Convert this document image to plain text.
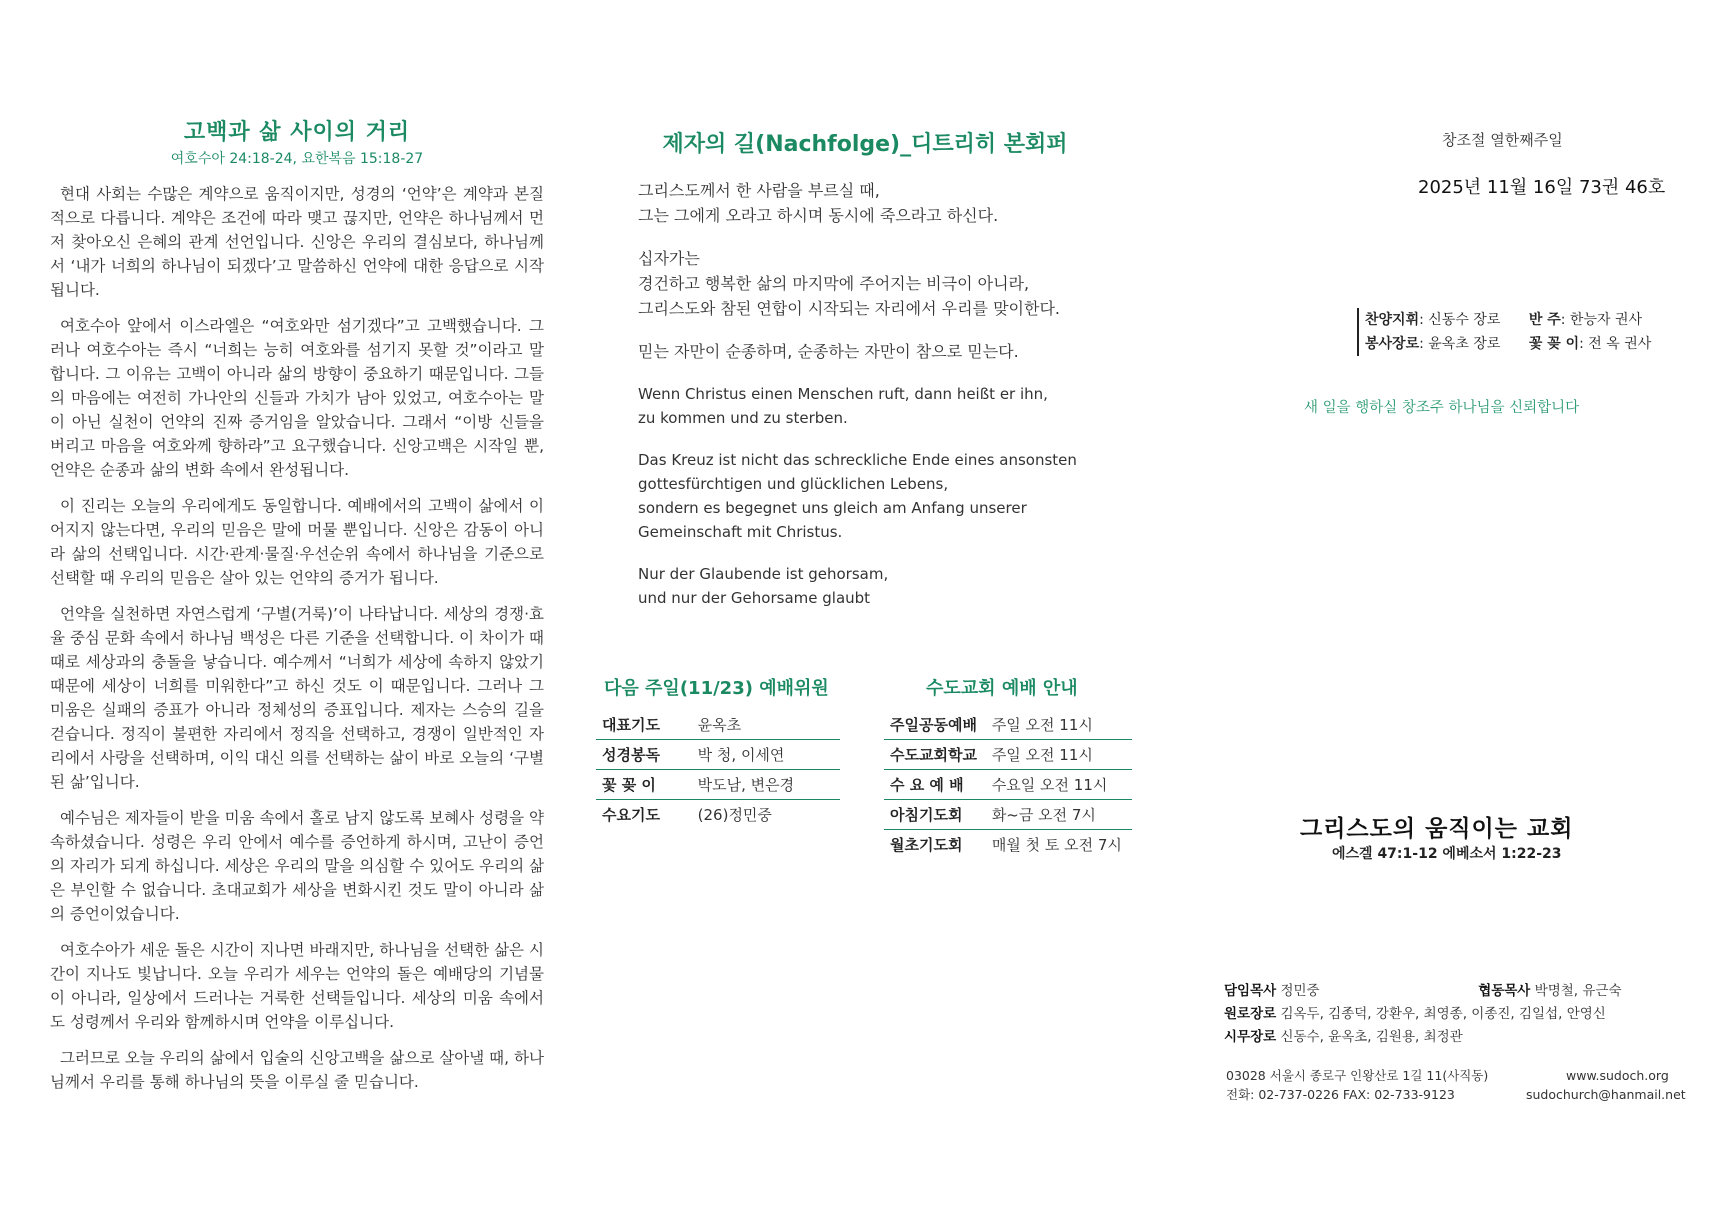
고백과 삶 사이의 거리
여호수아 24:18-24, 요한복음 15:18-27

현대 사회는 수많은 계약으로 움직이지만, 성경의 ‘언약’은 계약과 본질적으로 다릅니다. 계약은 조건에 따라 맺고 끊지만, 언약은 하나님께서 먼저 찾아오신 은혜의 관계 선언입니다. 신앙은 우리의 결심보다, 하나님께서 ‘내가 너희의 하나님이 되겠다’고 말씀하신 언약에 대한 응답으로 시작됩니다.

여호수아 앞에서 이스라엘은 “여호와만 섬기겠다”고 고백했습니다. 그러나 여호수아는 즉시 “너희는 능히 여호와를 섬기지 못할 것”이라고 말합니다. 그 이유는 고백이 아니라 삶의 방향이 중요하기 때문입니다. 그들의 마음에는 여전히 가나안의 신들과 가치가 남아 있었고, 여호수아는 말이 아닌 실천이 언약의 진짜 증거임을 알았습니다. 그래서 “이방 신들을 버리고 마음을 여호와께 향하라”고 요구했습니다. 신앙고백은 시작일 뿐, 언약은 순종과 삶의 변화 속에서 완성됩니다.

이 진리는 오늘의 우리에게도 동일합니다. 예배에서의 고백이 삶에서 이어지지 않는다면, 우리의 믿음은 말에 머물 뿐입니다. 신앙은 감동이 아니라 삶의 선택입니다. 시간·관계·물질·우선순위 속에서 하나님을 기준으로 선택할 때 우리의 믿음은 살아 있는 언약의 증거가 됩니다.

언약을 실천하면 자연스럽게 ‘구별(거룩)’이 나타납니다. 세상의 경쟁·효율 중심 문화 속에서 하나님 백성은 다른 기준을 선택합니다. 이 차이가 때때로 세상과의 충돌을 낳습니다. 예수께서 “너희가 세상에 속하지 않았기 때문에 세상이 너희를 미워한다”고 하신 것도 이 때문입니다. 그러나 그 미움은 실패의 증표가 아니라 정체성의 증표입니다. 제자는 스승의 길을 걷습니다. 정직이 불편한 자리에서 정직을 선택하고, 경쟁이 일반적인 자리에서 사랑을 선택하며, 이익 대신 의를 선택하는 삶이 바로 오늘의 ‘구별된 삶’입니다.

예수님은 제자들이 받을 미움 속에서 홀로 남지 않도록 보혜사 성령을 약속하셨습니다. 성령은 우리 안에서 예수를 증언하게 하시며, 고난이 증언의 자리가 되게 하십니다. 세상은 우리의 말을 의심할 수 있어도 우리의 삶은 부인할 수 없습니다. 초대교회가 세상을 변화시킨 것도 말이 아니라 삶의 증언이었습니다.

여호수아가 세운 돌은 시간이 지나면 바래지만, 하나님을 선택한 삶은 시간이 지나도 빛납니다. 오늘 우리가 세우는 언약의 돌은 예배당의 기념물이 아니라, 일상에서 드러나는 거룩한 선택들입니다. 세상의 미움 속에서도 성령께서 우리와 함께하시며 언약을 이루십니다.

그러므로 오늘 우리의 삶에서 입술의 신앙고백을 삶으로 살아낼 때, 하나님께서 우리를 통해 하나님의 뜻을 이루실 줄 믿습니다.

제자의 길(Nachfolge)_디트리히 본회퍼
그리스도께서 한 사람을 부르실 때,
그는 그에게 오라고 하시며 동시에 죽으라고 하신다.
십자가는
경건하고 행복한 삶의 마지막에 주어지는 비극이 아니라,
그리스도와 참된 연합이 시작되는 자리에서 우리를 맞이한다.
믿는 자만이 순종하며, 순종하는 자만이 참으로 믿는다.
Wenn Christus einen Menschen ruft, dann heißt er ihn,
zu kommen und zu sterben.
Das Kreuz ist nicht das schreckliche Ende eines ansonsten
gottesfürchtigen und glücklichen Lebens,
sondern es begegnet uns gleich am Anfang unserer
Gemeinschaft mit Christus.
Nur der Glaubende ist gehorsam,
und nur der Gehorsame glaubt
다음 주일(11/23) 예배위원
대표기도	윤옥초
성경봉독	박 청, 이세연
꽃 꽂 이	박도남, 변은경
수요기도	(26)정민중
수도교회 예배 안내
주일공동예배	주일 오전 11시
수도교회학교	주일 오전 11시
수 요 예 배	수요일 오전 11시
아침기도회	화~금 오전 7시
월초기도회	매월 첫 토 오전 7시
창조절 열한째주일
2025년 11월 16일 73권 46호
찬양지휘: 신동수 장로 반 주: 한능자 권사
봉사장로: 윤옥초 장로 꽃 꽂 이: 전 옥 권사
새 일을 행하실 창조주 하나님을 신뢰합니다
그리스도의 움직이는 교회
에스겔 47:1-12 에베소서 1:22-23
담임목사 정민중	협동목사 박명철, 유근숙
원로장로 김옥두, 김종덕, 강환우, 최영종, 이종진, 김일섭, 안영신
시무장로 신동수, 윤옥초, 김원용, 최정관
03028 서울시 종로구 인왕산로 1길 11(사직동)	www.sudoch.org
전화: 02-737-0226 FAX: 02-733-9123	sudochurch@hanmail.net
